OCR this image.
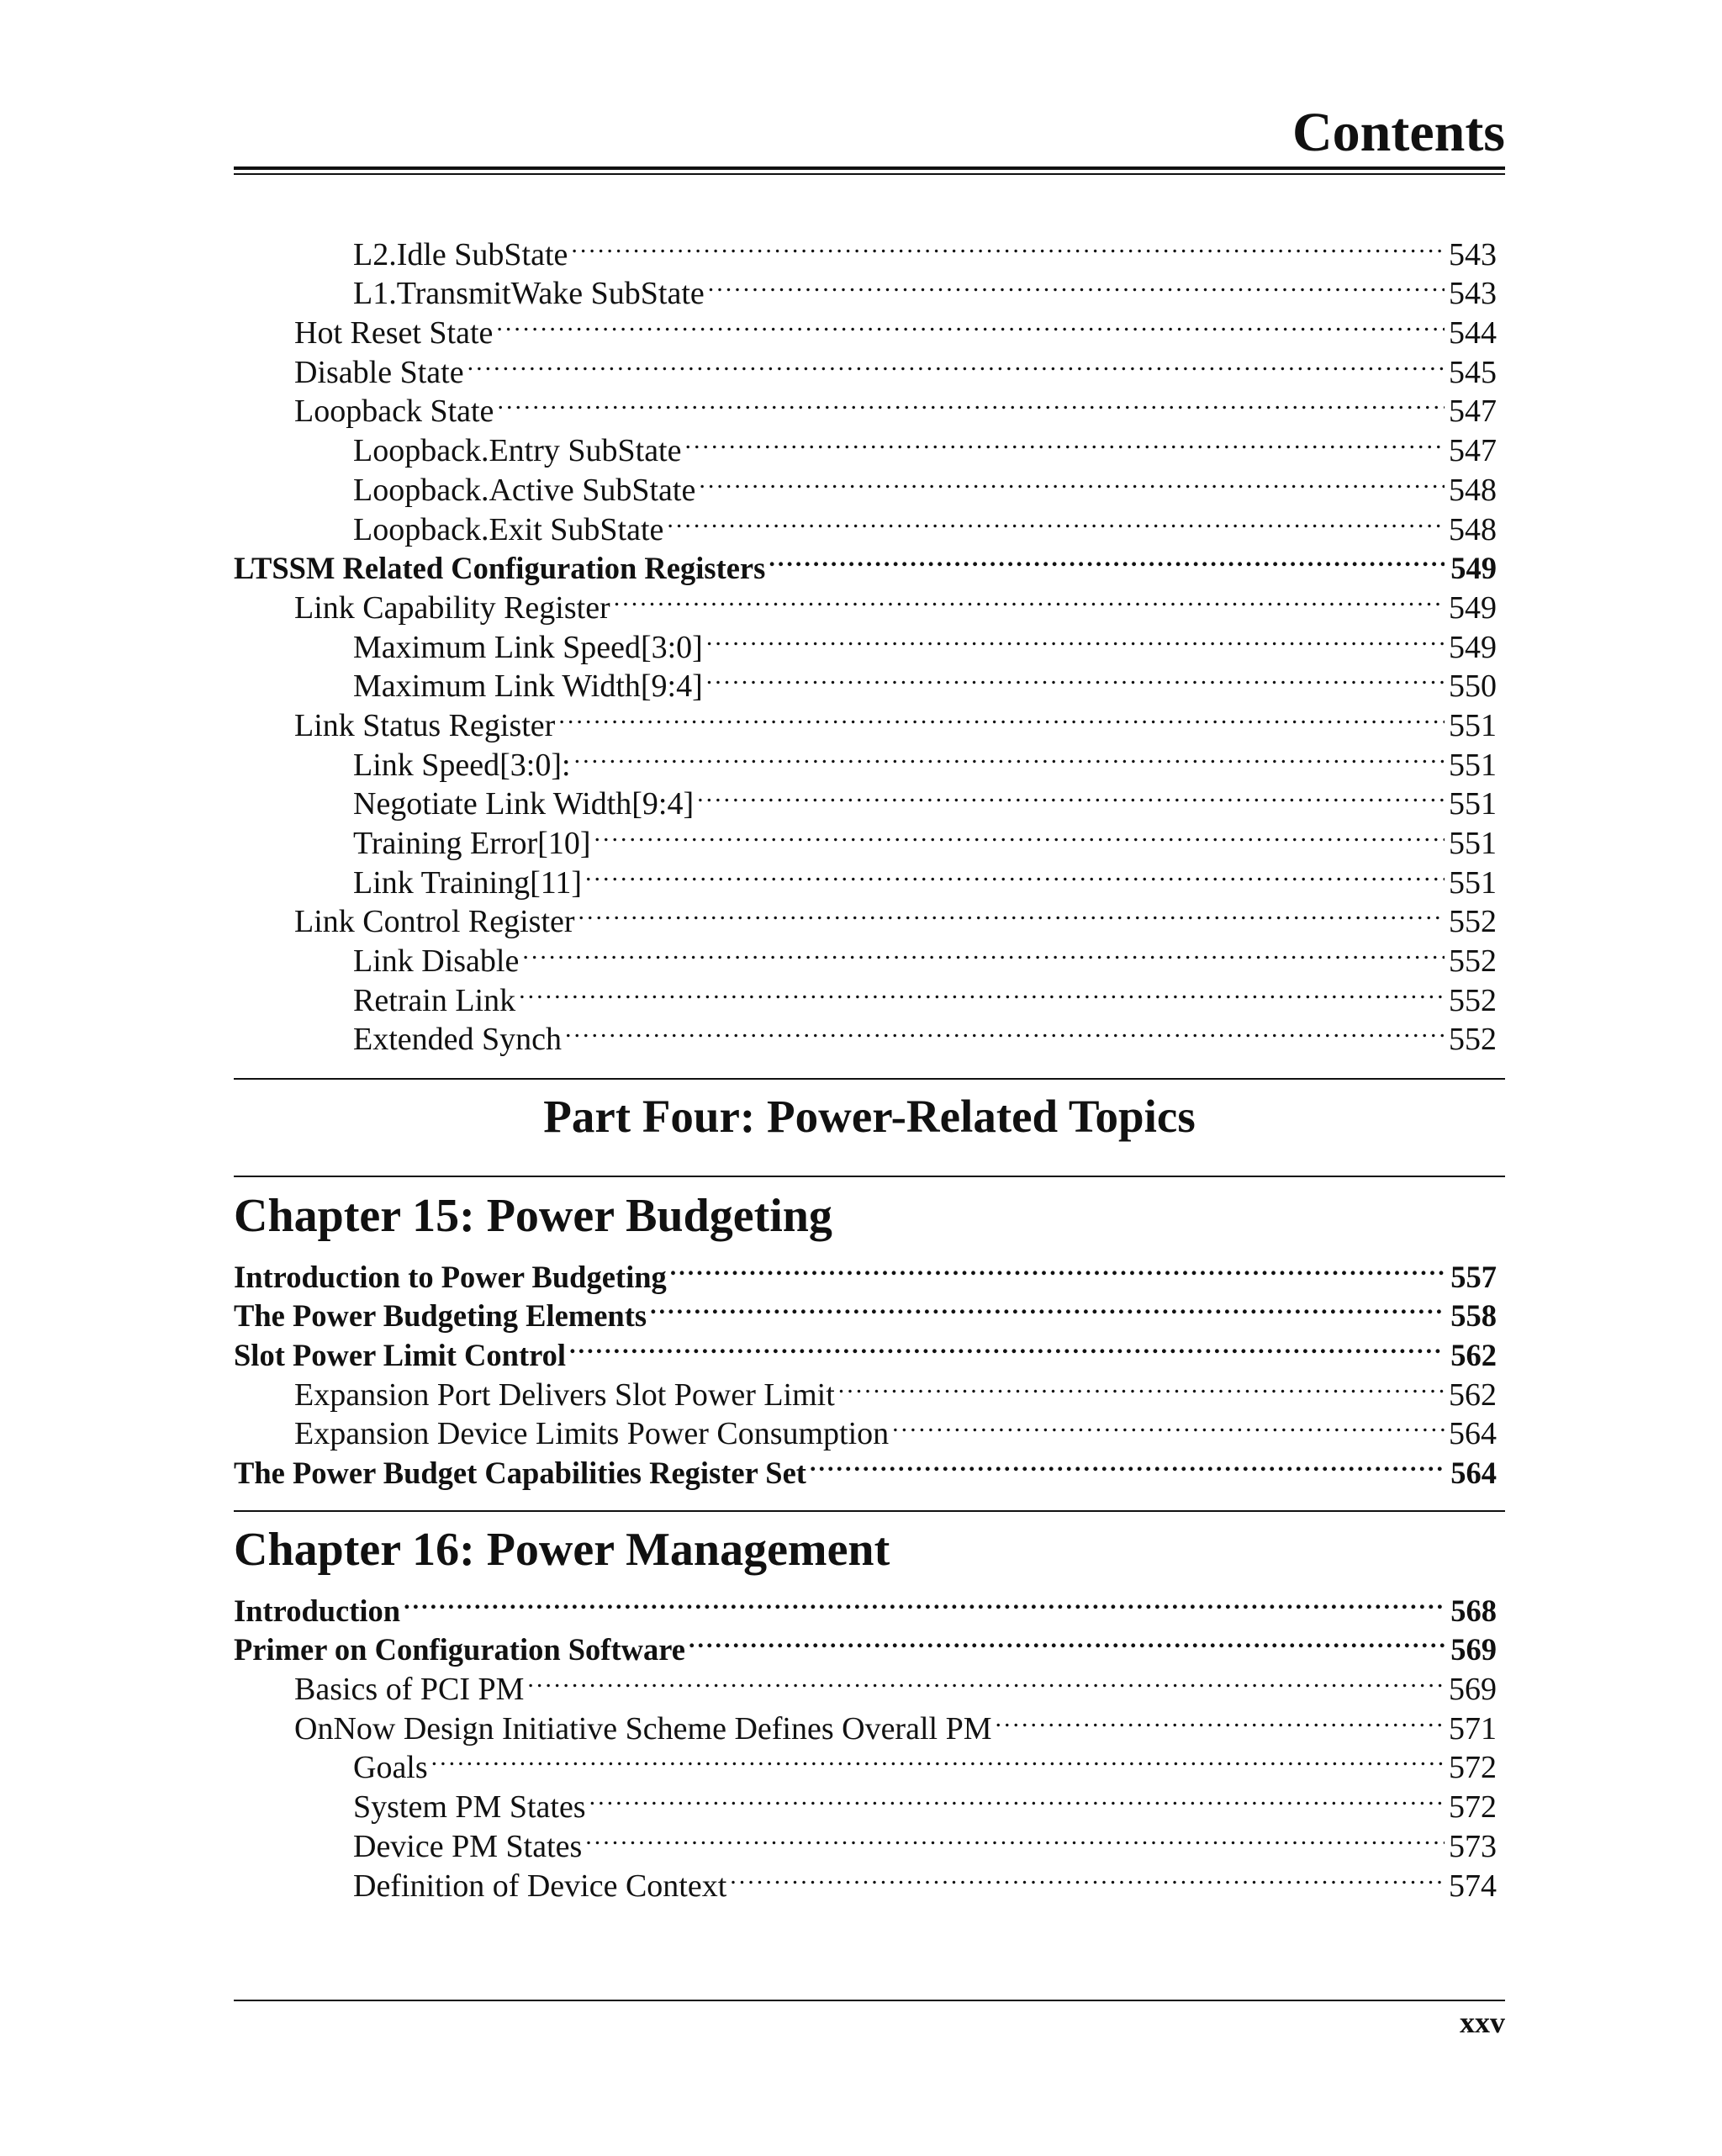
Contents
L2.Idle SubState .....	543
L1.TransmitWake SubState .....	543
Hot Reset State .....	544
Disable State .....	545
Loopback State .....	547
Loopback.Entry SubState .....	547
Loopback.Active SubState .....	548
Loopback.Exit SubState .....	548
LTSSM Related Configuration Registers .....	549
Link Capability Register .....	549
Maximum Link Speed[3:0] .....	549
Maximum Link Width[9:4] .....	550
Link Status Register .....	551
Link Speed[3:0]: .....	551
Negotiate Link Width[9:4] .....	551
Training Error[10] .....	551
Link Training[11] .....	551
Link Control Register .....	552
Link Disable .....	552
Retrain Link .....	552
Extended Synch .....	552
Part Four: Power-Related Topics
Chapter 15: Power Budgeting
Introduction to Power Budgeting .....	557
The Power Budgeting Elements .....	558
Slot Power Limit Control .....	562
Expansion Port Delivers Slot Power Limit .....	562
Expansion Device Limits Power Consumption .....	564
The Power Budget Capabilities Register Set .....	564
Chapter 16: Power Management
Introduction .....	568
Primer on Configuration Software .....	569
Basics of PCI PM .....	569
OnNow Design Initiative Scheme Defines Overall PM .....	571
Goals .....	572
System PM States .....	572
Device PM States .....	573
Definition of Device Context .....	574
xxv
